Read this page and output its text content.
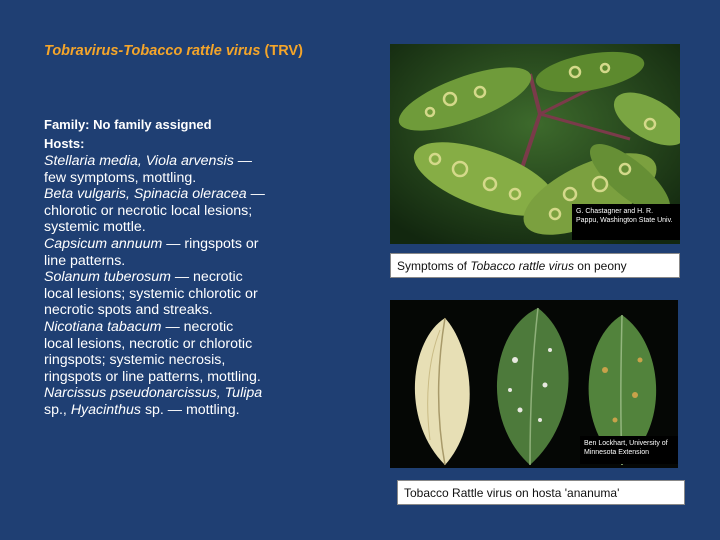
Tobravirus-Tobacco rattle virus (TRV)
Family: No family assigned
Hosts:

Stellaria media, Viola arvensis — few symptoms, mottling.

Beta vulgaris, Spinacia oleracea — chlorotic or necrotic local lesions; systemic mottle.

Capsicum annuum — ringspots or line patterns.

Solanum tuberosum — necrotic local lesions; systemic chlorotic or necrotic spots and streaks.

Nicotiana tabacum — necrotic local lesions, necrotic or chlorotic ringspots; systemic necrosis, ringspots or line patterns, mottling.

Narcissus pseudonarcissus, Tulipa sp., Hyacinthus sp. — mottling.

G. Chastagner and H. R. Pappu, Washington State Univ.
Symptoms of Tobacco rattle virus on peony
Ben Lockhart, University of Minnesota Extension
Tobacco Rattle virus on hosta 'ananuma'
